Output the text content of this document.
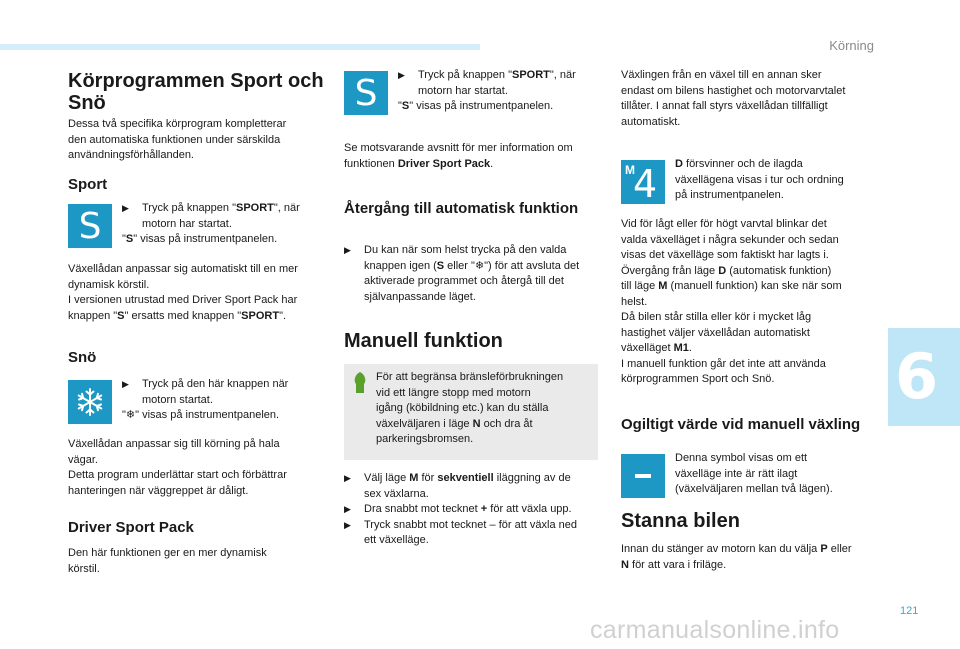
Körning
6
121
carmanualsonline.info
Körprogrammen Sport och
Snö
Dessa två specifika körprogram kompletterar
den automatiska funktionen under särskilda
användningsförhållanden.
Sport
S ▶ Tryck på knappen "SPORT", när
motorn har startat.
"S" visas på instrumentpanelen.
Växellådan anpassar sig automatiskt till en mer
dynamisk körstil.
I versionen utrustad med Driver Sport Pack har
knappen "S" ersatts med knappen "SPORT".
Snö
▶ Tryck på den här knappen när
motorn startat.
"❄" visas på instrumentpanelen.
Växellådan anpassar sig till körning på hala
vägar.
Detta program underlättar start och förbättrar
hanteringen när väggreppet är dåligt.
Driver Sport Pack
Den här funktionen ger en mer dynamisk
körstil.
S ▶ Tryck på knappen "SPORT", när
motorn har startat.
"S" visas på instrumentpanelen.
Se motsvarande avsnitt för mer information om
funktionen Driver Sport Pack.
Återgång till automatisk funktion
▶ Du kan när som helst trycka på den valda
knappen igen (S eller "❄") för att avsluta det
aktiverade programmet och återgå till det
självanpassande läget.
Manuell funktion
För att begränsa bränsleförbrukningen
vid ett längre stopp med motorn
igång (köbildning etc.) kan du ställa
växelväljaren i läge N och dra åt
parkeringsbromsen.
▶ Välj läge M för sekventiell iläggning av de
sex växlarna.
▶ Dra snabbt mot tecknet + för att växla upp.
▶ Tryck snabbt mot tecknet – för att växla ned
ett växelläge.
Växlingen från en växel till en annan sker
endast om bilens hastighet och motorvarvtalet
tillåter. I annat fall styrs växellådan tillfälligt
automatiskt.
M
4 D försvinner och de ilagda
växellägena visas i tur och ordning
på instrumentpanelen.
Vid för lågt eller för högt varvtal blinkar det
valda växelläget i några sekunder och sedan
visas det växelläge som faktiskt har lagts i.
Övergång från läge D (automatisk funktion)
till läge M (manuell funktion) kan ske när som
helst.
Då bilen står stilla eller kör i mycket låg
hastighet väljer växellådan automatiskt
växelläget M1.
I manuell funktion går det inte att använda
körprogrammen Sport och Snö.
Ogiltigt värde vid manuell växling
Denna symbol visas om ett
växelläge inte är rätt ilagt
(växelväljaren mellan två lägen).
Stanna bilen
Innan du stänger av motorn kan du välja P eller
N för att vara i friläge.
